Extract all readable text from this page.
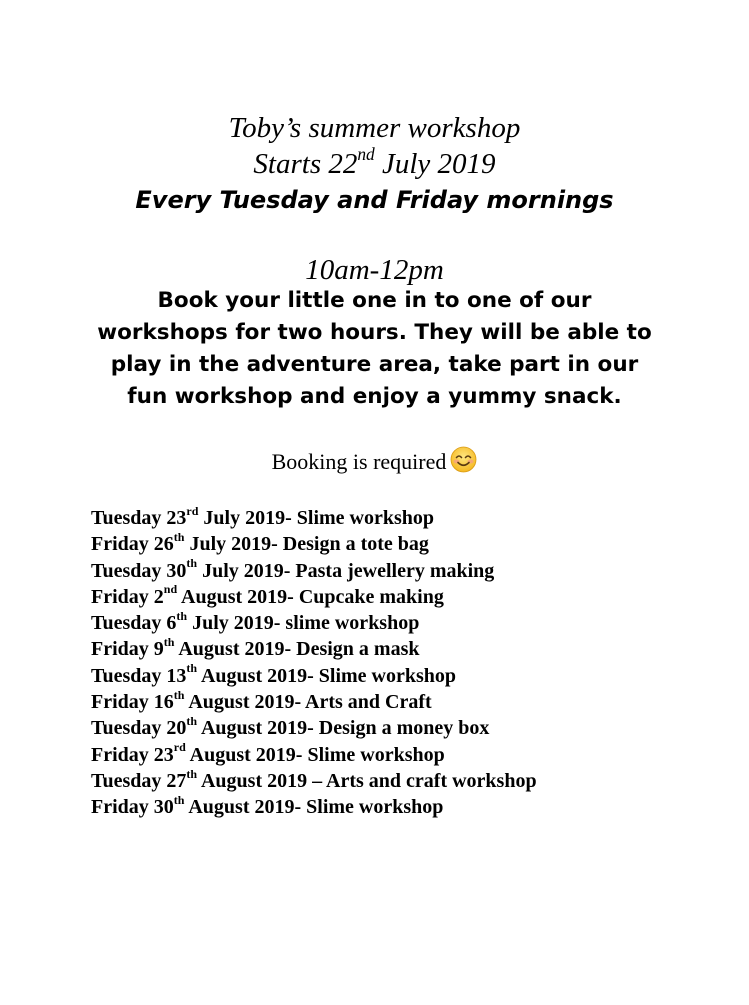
Toby’s summer workshop

Starts 22nd July 2019

Every Tuesday and Friday mornings

10am-12pm

Book your little one in to one of our workshops for two hours. They will be able to play in the adventure area, take part in our fun workshop and enjoy a yummy snack.

Booking is required

Tuesday 23rd July 2019- Slime workshop
Friday 26th July 2019- Design a tote bag
Tuesday 30th July 2019- Pasta jewellery making
Friday 2nd August 2019- Cupcake making
Tuesday 6th July 2019- slime workshop
Friday 9th August 2019- Design a mask
Tuesday 13th August 2019- Slime workshop
Friday 16th August 2019- Arts and Craft
Tuesday 20th August 2019- Design a money box
Friday 23rd August 2019- Slime workshop
Tuesday 27th August 2019 – Arts and craft workshop
Friday 30th August 2019- Slime workshop
